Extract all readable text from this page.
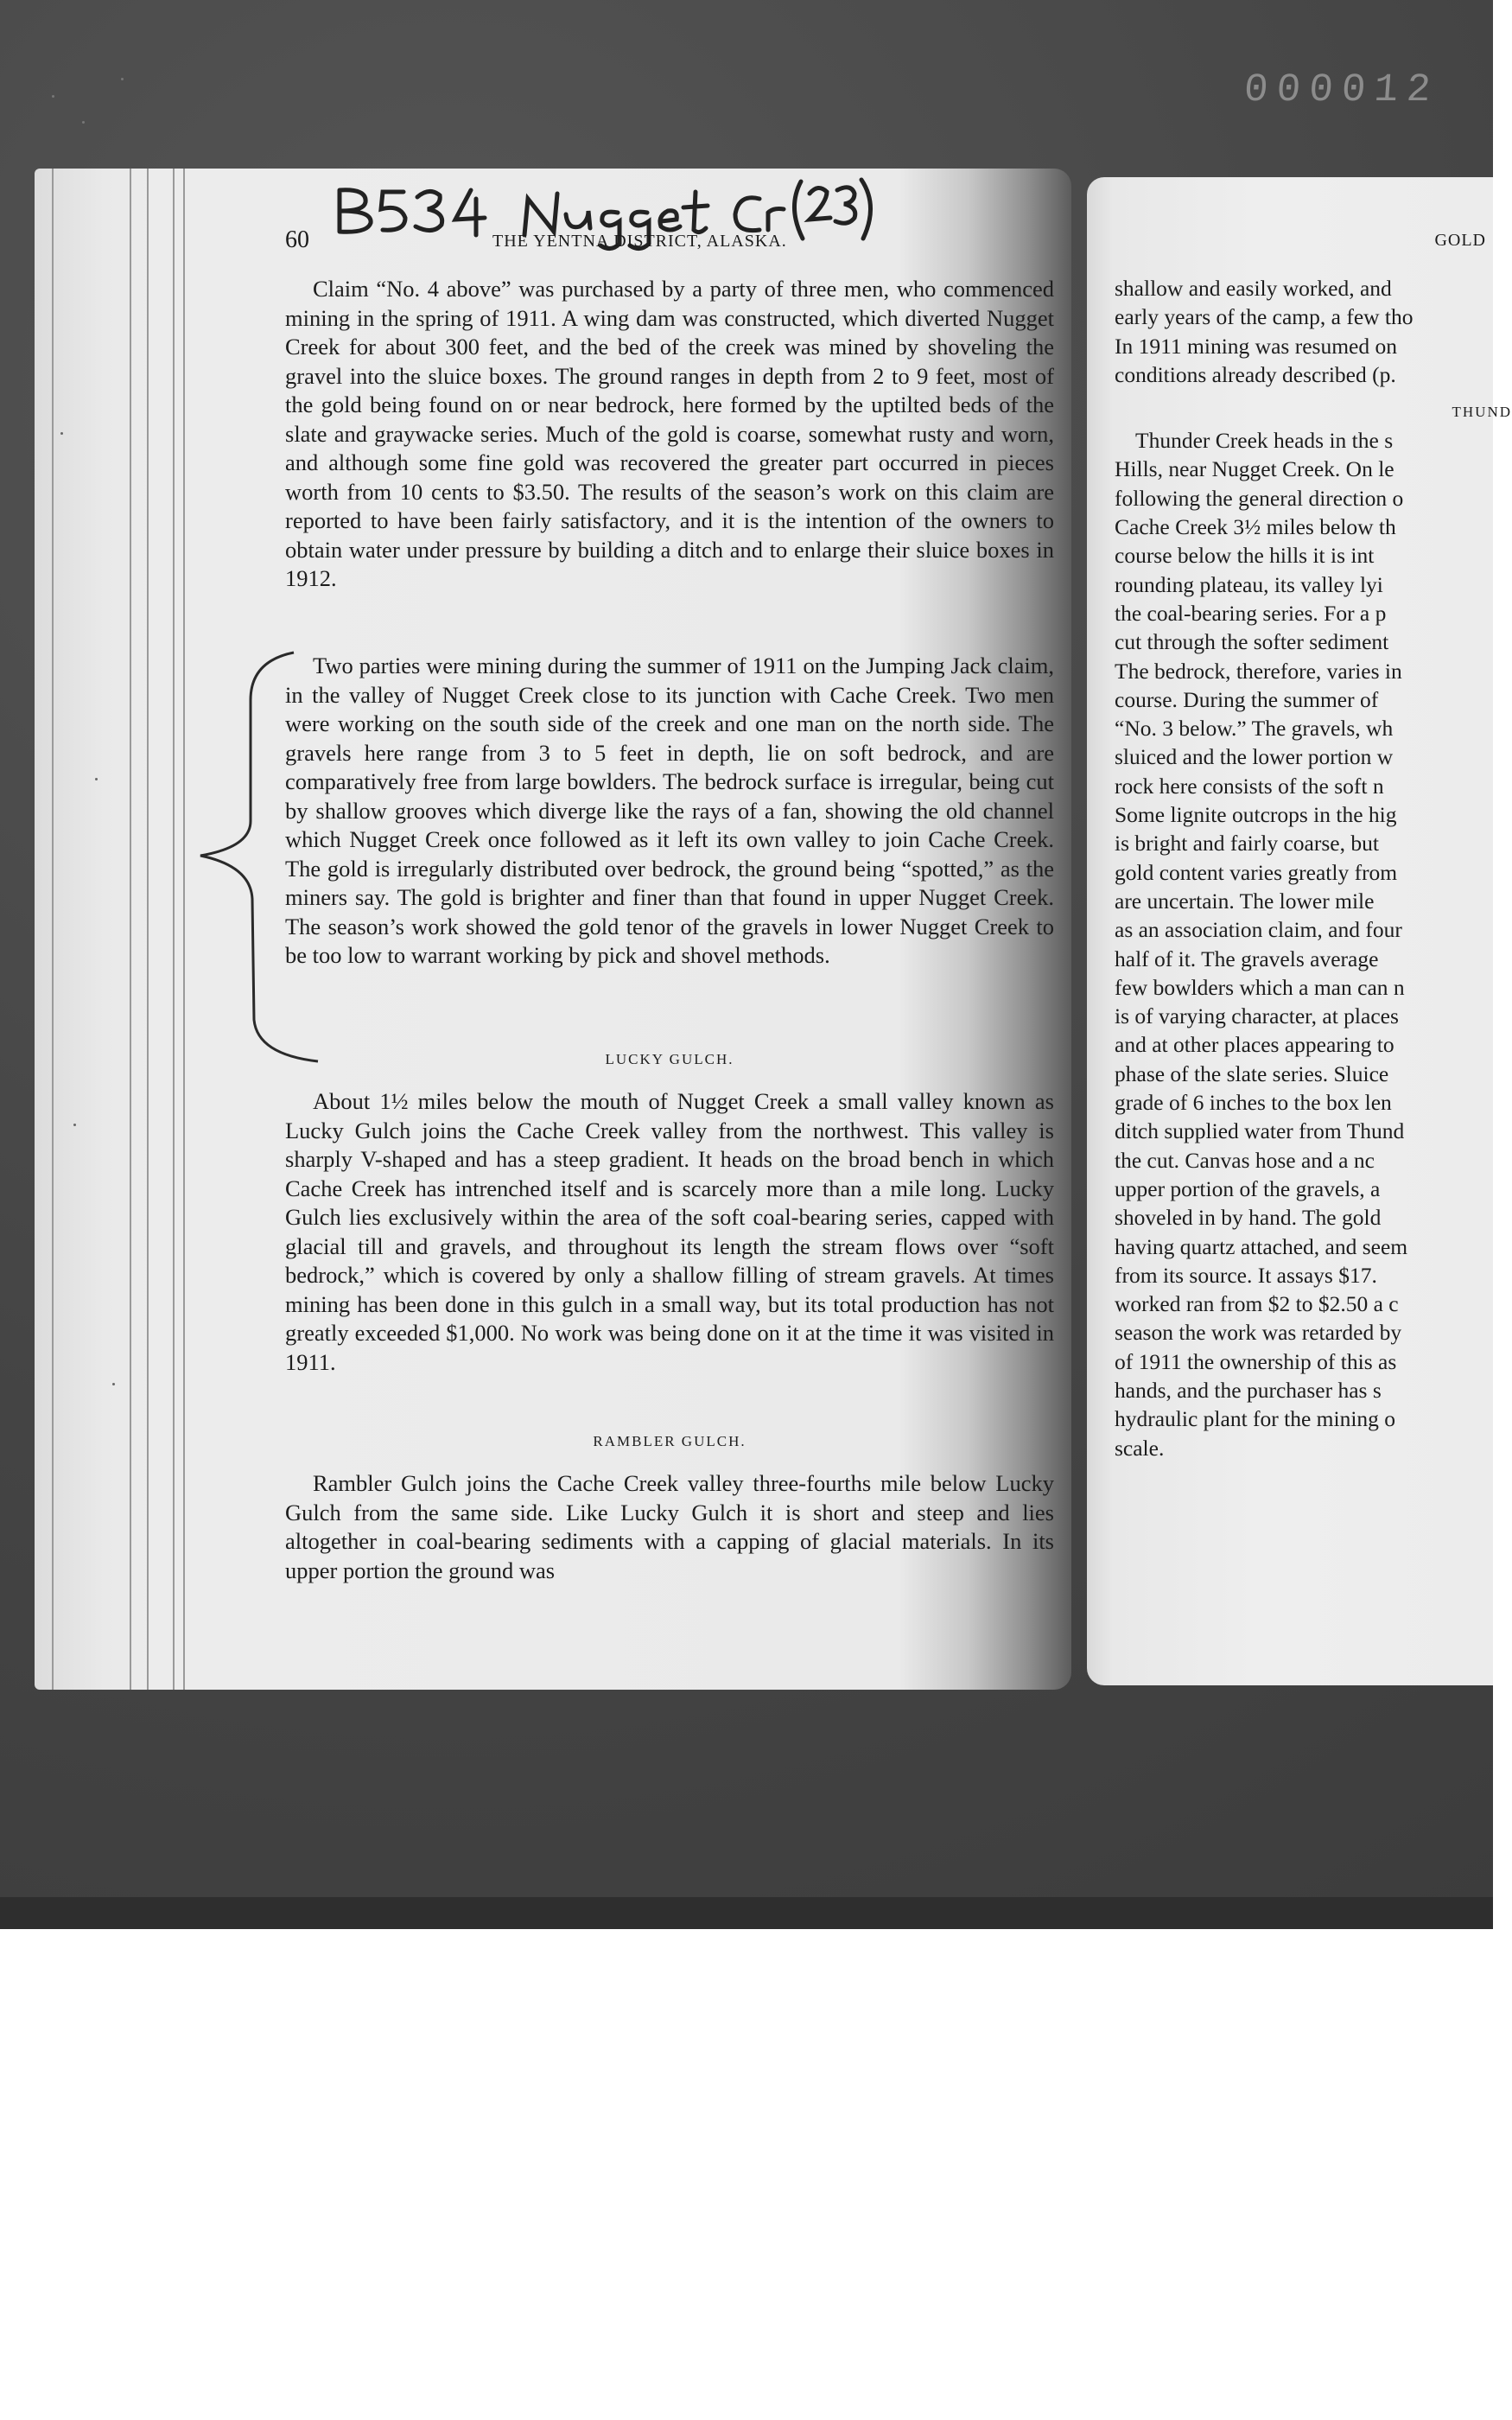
000012
60	THE YENTNA DISTRICT, ALASKA.

Claim “No. 4 above” was purchased by a party of three men, who commenced mining in the spring of 1911. A wing dam was constructed, which diverted Nugget Creek for about 300 feet, and the bed of the creek was mined by shoveling the gravel into the sluice boxes. The ground ranges in depth from 2 to 9 feet, most of the gold being found on or near bedrock, here formed by the uptilted beds of the slate and graywacke series. Much of the gold is coarse, somewhat rusty and worn, and although some fine gold was recovered the greater part occurred in pieces worth from 10 cents to $3.50. The results of the season’s work on this claim are reported to have been fairly satisfactory, and it is the intention of the owners to obtain water under pressure by building a ditch and to enlarge their sluice boxes in 1912.

Two parties were mining during the summer of 1911 on the Jumping Jack claim, in the valley of Nugget Creek close to its junction with Cache Creek. Two men were working on the south side of the creek and one man on the north side. The gravels here range from 3 to 5 feet in depth, lie on soft bedrock, and are comparatively free from large bowlders. The bedrock surface is irregular, being cut by shallow grooves which diverge like the rays of a fan, showing the old channel which Nugget Creek once followed as it left its own valley to join Cache Creek. The gold is irregularly distributed over bedrock, the ground being “spotted,” as the miners say. The gold is brighter and finer than that found in upper Nugget Creek. The season’s work showed the gold tenor of the gravels in lower Nugget Creek to be too low to warrant working by pick and shovel methods.

LUCKY GULCH.

About 1½ miles below the mouth of Nugget Creek a small valley known as Lucky Gulch joins the Cache Creek valley from the northwest. This valley is sharply V-shaped and has a steep gradient. It heads on the broad bench in which Cache Creek has intrenched itself and is scarcely more than a mile long. Lucky Gulch lies exclusively within the area of the soft coal-bearing series, capped with glacial till and gravels, and throughout its length the stream flows over “soft bedrock,” which is covered by only a shallow filling of stream gravels. At times mining has been done in this gulch in a small way, but its total production has not greatly exceeded $1,000. No work was being done on it at the time it was visited in 1911.

RAMBLER GULCH.

Rambler Gulch joins the Cache Creek valley three-fourths mile below Lucky Gulch from the same side. Like Lucky Gulch it is short and steep and lies altogether in coal-bearing sediments with a capping of glacial materials. In its upper portion the ground was

GOLD
shallow and easily worked, and
early years of the camp, a few tho
In 1911 mining was resumed on
conditions already described (p.
THUND
Thunder Creek heads in the s
Hills, near Nugget Creek. On le
following the general direction o
Cache Creek 3½ miles below th
course below the hills it is int
rounding plateau, its valley lyi
the coal-bearing series. For a p
cut through the softer sediment
The bedrock, therefore, varies in
course. During the summer of
“No. 3 below.” The gravels, wh
sluiced and the lower portion w
rock here consists of the soft n
Some lignite outcrops in the hig
is bright and fairly coarse, but
gold content varies greatly from
are uncertain. The lower mile
as an association claim, and four
half of it. The gravels average
few bowlders which a man can n
is of varying character, at places
and at other places appearing to
phase of the slate series. Sluice
grade of 6 inches to the box len
ditch supplied water from Thund
the cut. Canvas hose and a nc
upper portion of the gravels, a
shoveled in by hand. The gold
having quartz attached, and seem
from its source. It assays $17.
worked ran from $2 to $2.50 a c
season the work was retarded by
of 1911 the ownership of this as
hands, and the purchaser has s
hydraulic plant for the mining o
scale.
